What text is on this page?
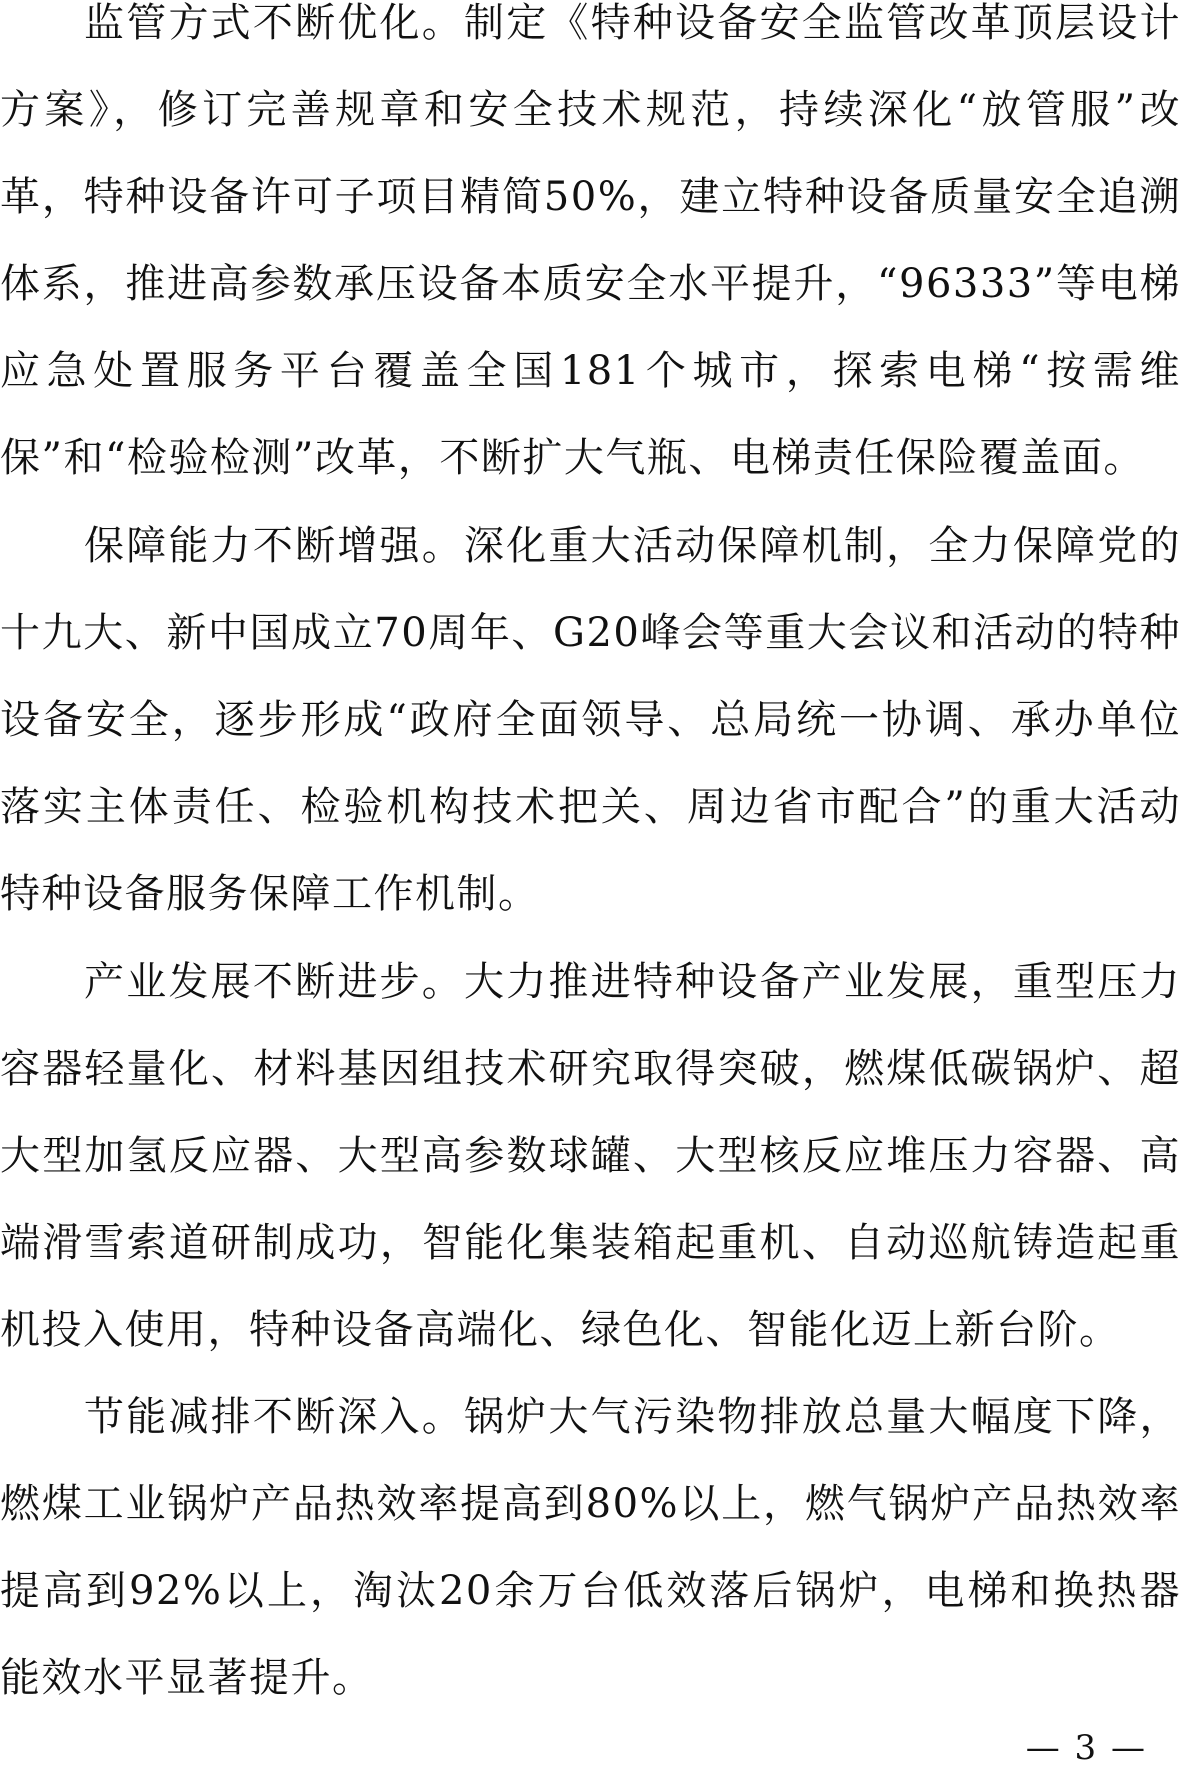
监管方式不断优化。制定《特种设备安全监管改革顶层设计方案》，修订完善规章和安全技术规范，持续深化“放管服”改革，特种设备许可子项目精简50%，建立特种设备质量安全追溯体系，推进高参数承压设备本质安全水平提升，“96333”等电梯应急处置服务平台覆盖全国181个城市，探索电梯“按需维保”和“检验检测”改革，不断扩大气瓶、电梯责任保险覆盖面。

保障能力不断增强。深化重大活动保障机制，全力保障党的十九大、新中国成立70周年、G20峰会等重大会议和活动的特种设备安全，逐步形成“政府全面领导、总局统一协调、承办单位落实主体责任、检验机构技术把关、周边省市配合”的重大活动特种设备服务保障工作机制。

产业发展不断进步。大力推进特种设备产业发展，重型压力容器轻量化、材料基因组技术研究取得突破，燃煤低碳锅炉、超大型加氢反应器、大型高参数球罐、大型核反应堆压力容器、高端滑雪索道研制成功，智能化集装箱起重机、自动巡航铸造起重机投入使用，特种设备高端化、绿色化、智能化迈上新台阶。

节能减排不断深入。锅炉大气污染物排放总量大幅度下降，燃煤工业锅炉产品热效率提高到80%以上，燃气锅炉产品热效率提高到92%以上，淘汰20余万台低效落后锅炉，电梯和换热器能效水平显著提升。

— 3 —
